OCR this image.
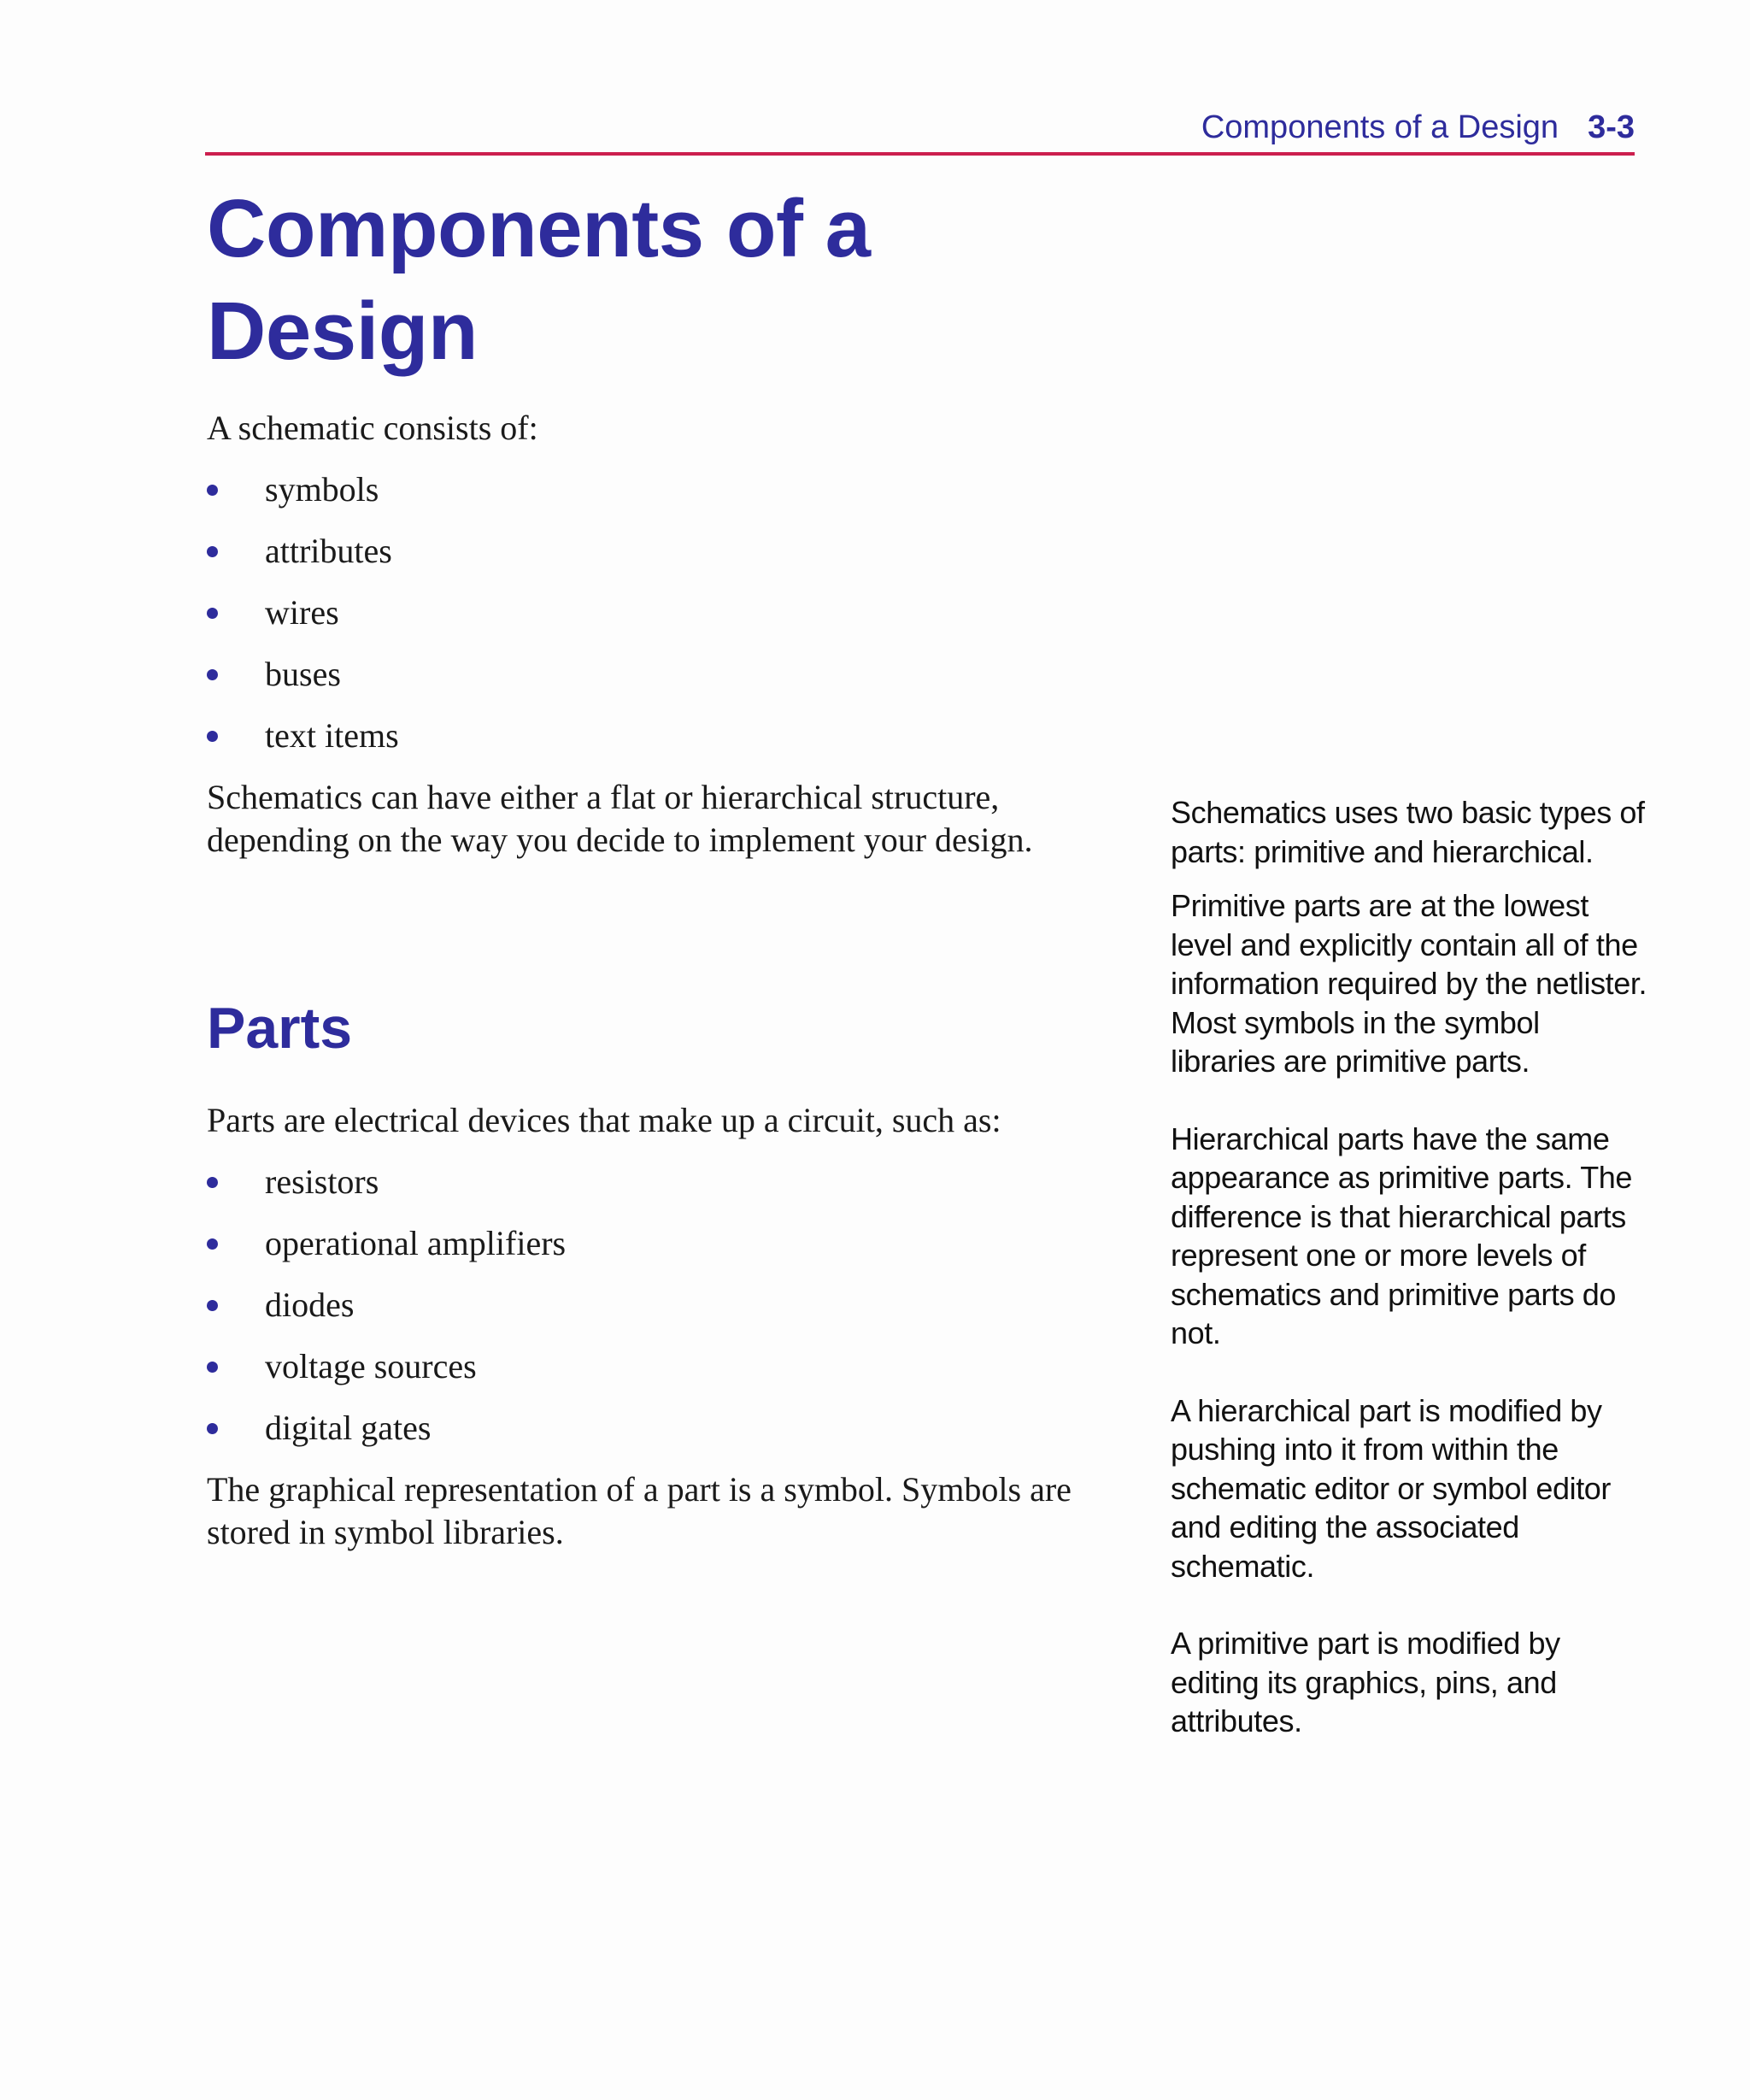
Components of a Design 3-3
Components of a Design

A schematic consists of:

symbols
attributes
wires
buses
text items

Schematics can have either a flat or hierarchical structure, depending on the way you decide to implement your design.

Parts

Parts are electrical devices that make up a circuit, such as:

resistors
operational amplifiers
diodes
voltage sources
digital gates

The graphical representation of a part is a symbol. Symbols are stored in symbol libraries.

Schematics uses two basic types of parts: primitive and hierarchical.

Primitive parts are at the lowest level and explicitly contain all of the information required by the netlister. Most symbols in the symbol libraries are primitive parts.

Hierarchical parts have the same appearance as primitive parts. The difference is that hierarchical parts represent one or more levels of schematics and primitive parts do not.

A hierarchical part is modified by pushing into it from within the schematic editor or symbol editor and editing the associated schematic.

A primitive part is modified by editing its graphics, pins, and attributes.
